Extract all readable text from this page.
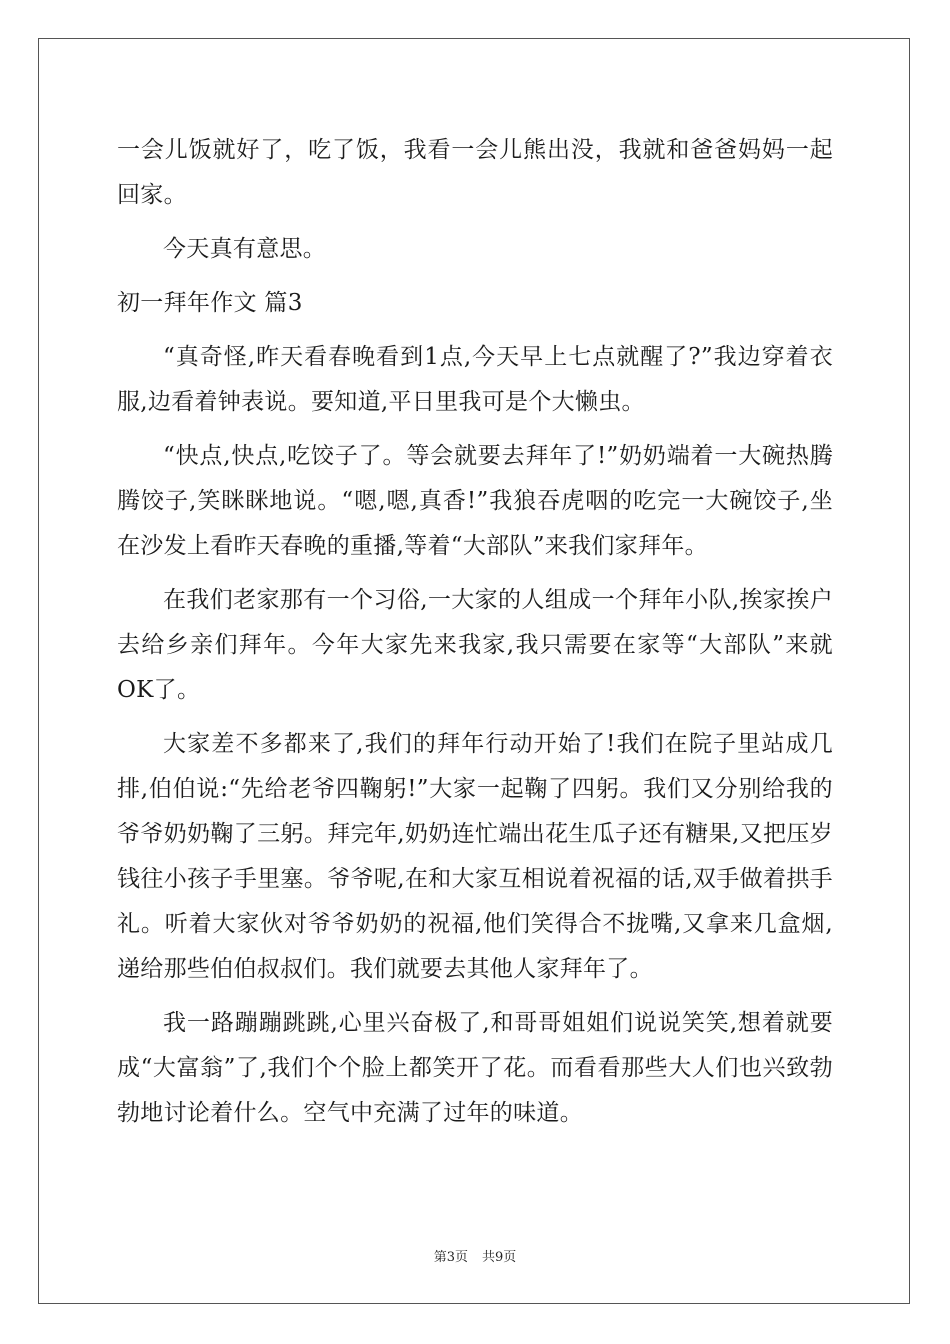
一会儿饭就好了，吃了饭，我看一会儿熊出没，我就和爸爸妈妈一起回家。

今天真有意思。

初一拜年作文 篇3

“真奇怪,昨天看春晚看到1点,今天早上七点就醒了?”我边穿着衣服,边看着钟表说。要知道,平日里我可是个大懒虫。

“快点,快点,吃饺子了。等会就要去拜年了!”奶奶端着一大碗热腾腾饺子,笑眯眯地说。“嗯,嗯,真香!”我狼吞虎咽的吃完一大碗饺子,坐在沙发上看昨天春晚的重播,等着“大部队”来我们家拜年。

在我们老家那有一个习俗,一大家的人组成一个拜年小队,挨家挨户去给乡亲们拜年。今年大家先来我家,我只需要在家等“大部队”来就OK了。

大家差不多都来了,我们的拜年行动开始了!我们在院子里站成几排,伯伯说:“先给老爷四鞠躬!”大家一起鞠了四躬。我们又分别给我的爷爷奶奶鞠了三躬。拜完年,奶奶连忙端出花生瓜子还有糖果,又把压岁钱往小孩子手里塞。爷爷呢,在和大家互相说着祝福的话,双手做着拱手礼。听着大家伙对爷爷奶奶的祝福,他们笑得合不拢嘴,又拿来几盒烟,递给那些伯伯叔叔们。我们就要去其他人家拜年了。

我一路蹦蹦跳跳,心里兴奋极了,和哥哥姐姐们说说笑笑,想着就要成“大富翁”了,我们个个脸上都笑开了花。而看看那些大人们也兴致勃勃地讨论着什么。空气中充满了过年的味道。

第3页 共9页
